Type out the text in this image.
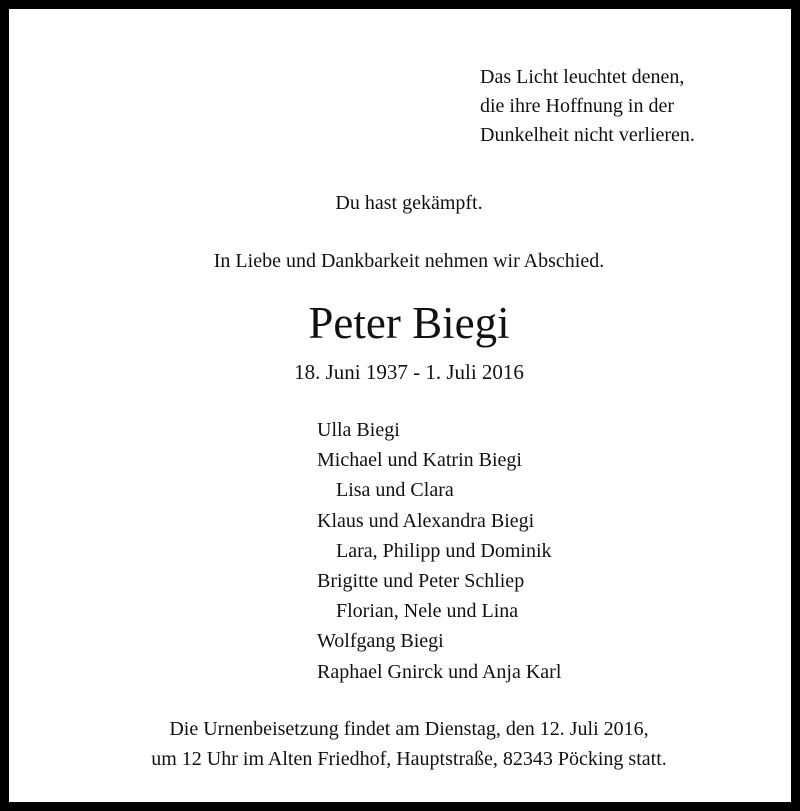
Das Licht leuchtet denen,
die ihre Hoffnung in der
Dunkelheit nicht verlieren.
Du hast gekämpft.
In Liebe und Dankbarkeit nehmen wir Abschied.
Peter Biegi
18. Juni 1937 - 1. Juli 2016
Ulla Biegi
Michael und Katrin Biegi
Lisa und Clara
Klaus und Alexandra Biegi
Lara, Philipp und Dominik
Brigitte und Peter Schliep
Florian, Nele und Lina
Wolfgang Biegi
Raphael Gnirck und Anja Karl
Die Urnenbeisetzung findet am Dienstag, den 12. Juli 2016,
um 12 Uhr im Alten Friedhof, Hauptstraße, 82343 Pöcking statt.
